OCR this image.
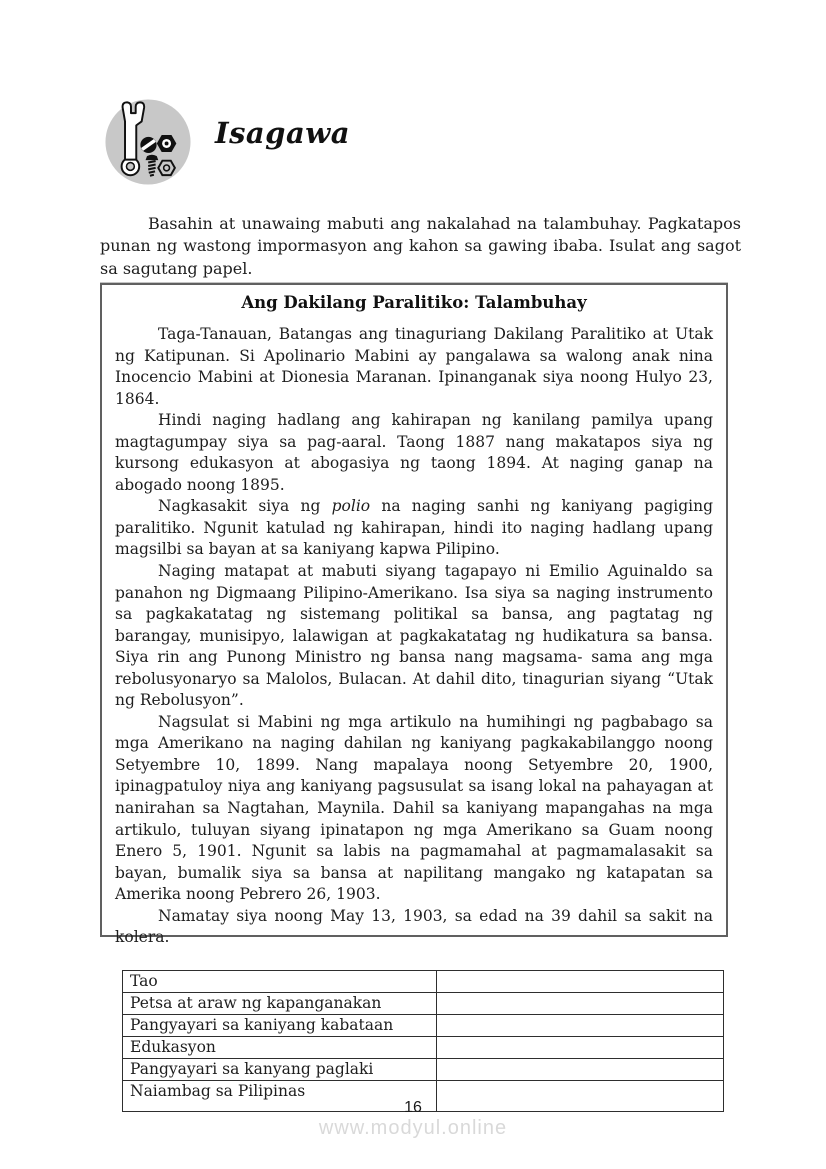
Isagawa
Basahin at unawaing mabuti ang nakalahad na talambuhay. Pagkatapos punan ng wastong impormasyon ang kahon sa gawing ibaba. Isulat ang sagot sa sagutang papel.
Ang Dakilang Paralitiko: Talambuhay

Taga-Tanauan, Batangas ang tinaguriang Dakilang Paralitiko at Utak ng Katipunan. Si Apolinario Mabini ay pangalawa sa walong anak nina Inocencio Mabini at Dionesia Maranan. Ipinanganak siya noong Hulyo 23, 1864.

Hindi naging hadlang ang kahirapan ng kanilang pamilya upang magtagumpay siya sa pag-aaral. Taong 1887 nang makatapos siya ng kursong edukasyon at abogasiya ng taong 1894. At naging ganap na abogado noong 1895.

Nagkasakit siya ng polio na naging sanhi ng kaniyang pagiging paralitiko. Ngunit katulad ng kahirapan, hindi ito naging hadlang upang magsilbi sa bayan at sa kaniyang kapwa Pilipino.

Naging matapat at mabuti siyang tagapayo ni Emilio Aguinaldo sa panahon ng Digmaang Pilipino-Amerikano. Isa siya sa naging instrumento sa pagkakatatag ng sistemang politikal sa bansa, ang pagtatag ng barangay, munisipyo, lalawigan at pagkakatatag ng hudikatura sa bansa. Siya rin ang Punong Ministro ng bansa nang magsama- sama ang mga rebolusyonaryo sa Malolos, Bulacan. At dahil dito, tinagurian siyang “Utak ng Rebolusyon”.

Nagsulat si Mabini ng mga artikulo na humihingi ng pagbabago sa mga Amerikano na naging dahilan ng kaniyang pagkakabilanggo noong Setyembre 10, 1899. Nang mapalaya noong Setyembre 20, 1900, ipinagpatuloy niya ang kaniyang pagsusulat sa isang lokal na pahayagan at nanirahan sa Nagtahan, Maynila. Dahil sa kaniyang mapangahas na mga artikulo, tuluyan siyang ipinatapon ng mga Amerikano sa Guam noong Enero 5, 1901. Ngunit sa labis na pagmamahal at pagmamalasakit sa bayan, bumalik siya sa bansa at napilitang mangako ng katapatan sa Amerika noong Pebrero 26, 1903.

Namatay siya noong May 13, 1903, sa edad na 39 dahil sa sakit na kolera.

Tao	
Petsa at araw ng kapanganakan	
Pangyayari sa kaniyang kabataan	
Edukasyon	
Pangyayari sa kanyang paglaki	
Naiambag sa Pilipinas	
16
www.modyul.online
